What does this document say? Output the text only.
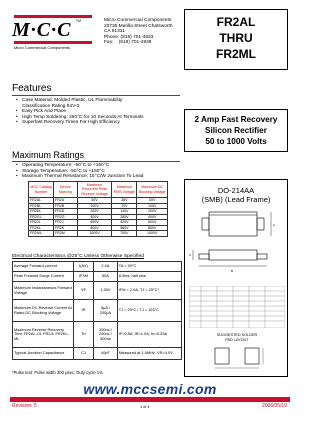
M·C·C ™
Micro Commercial Components
Micro Commercial Components
20736 Marilla Street Chatsworth
CA 91311
Phone: (818) 701-4933
Fax:    (818) 701-4939
FR2AL
THRU
FR2ML
Features
• Case Material: Molded Plastic. UL Flammability
Classification Rating 94V-0
• Easy Pick And Place
• High Temp Soldering: 260°C for 10 Seconds At Terminals
• Superfast Recovery Times For High Efficiency
Maximum Ratings
• Operating Temperature: -50°C to +150°C
• Storage Temperature: -50°C to +150°C
• Maximum Thermal Resistance; 15°C/W Junction To Lead
MCC Catalog Number	Device Marking	Maximum Recurrent Peak Reverse Voltage	Maximum RMS Voltage	Maximum DC Blocking Voltage
FR2AL	FR2A	50V	35V	50V
FR2BL	FR2B	100V	70V	100V
FR2DL	FR2D	200V	140V	200V
FR2GL	FR2G	400V	280V	400V
FR2JL	FR2J	600V	420V	600V
FR2KL	FR2K	800V	560V	800V
FR2ML	FR2M	1000V	700V	1000V
Electrical Characteristics @25°C Unless Otherwise Specified
Average Forward current	I(AV)	2.0A	TA = 90°C
Peak Forward Surge Current	IFSM	50A	8.3ms, half sine
Maximum Instantaneous Forward Voltage	VF	1.30V	IFM = 2.0A; TJ = 25°C*
Maximum DC Reverse Current At Rated DC Blocking Voltage	IR	5μA / 200μA	TJ = 25°C / TJ = 125°C
Maximum Reverse Recovery Time FR2AL-GL FR2JL FR2KL-ML	Trr	150ns / 250ns / 500ns	IF=0.5A, IR=1.0A, Irr=0.25A
Typical Junction Capacitance	CJ	40pF	Measured at 1.0MHz, VR=4.0V
*Pulse test: Pulse width 300 μsec, Duty cycle 1%
2 Amp Fast Recovery
Silicon Rectifier
50 to 1000 Volts
DO-214AA
(SMB) (Lead Frame)
A
B
C
SUGGESTED SOLDER
PAD LAYOUT
www.mccsemi.com
Revision: 5	1 of 4	2006/05/19
